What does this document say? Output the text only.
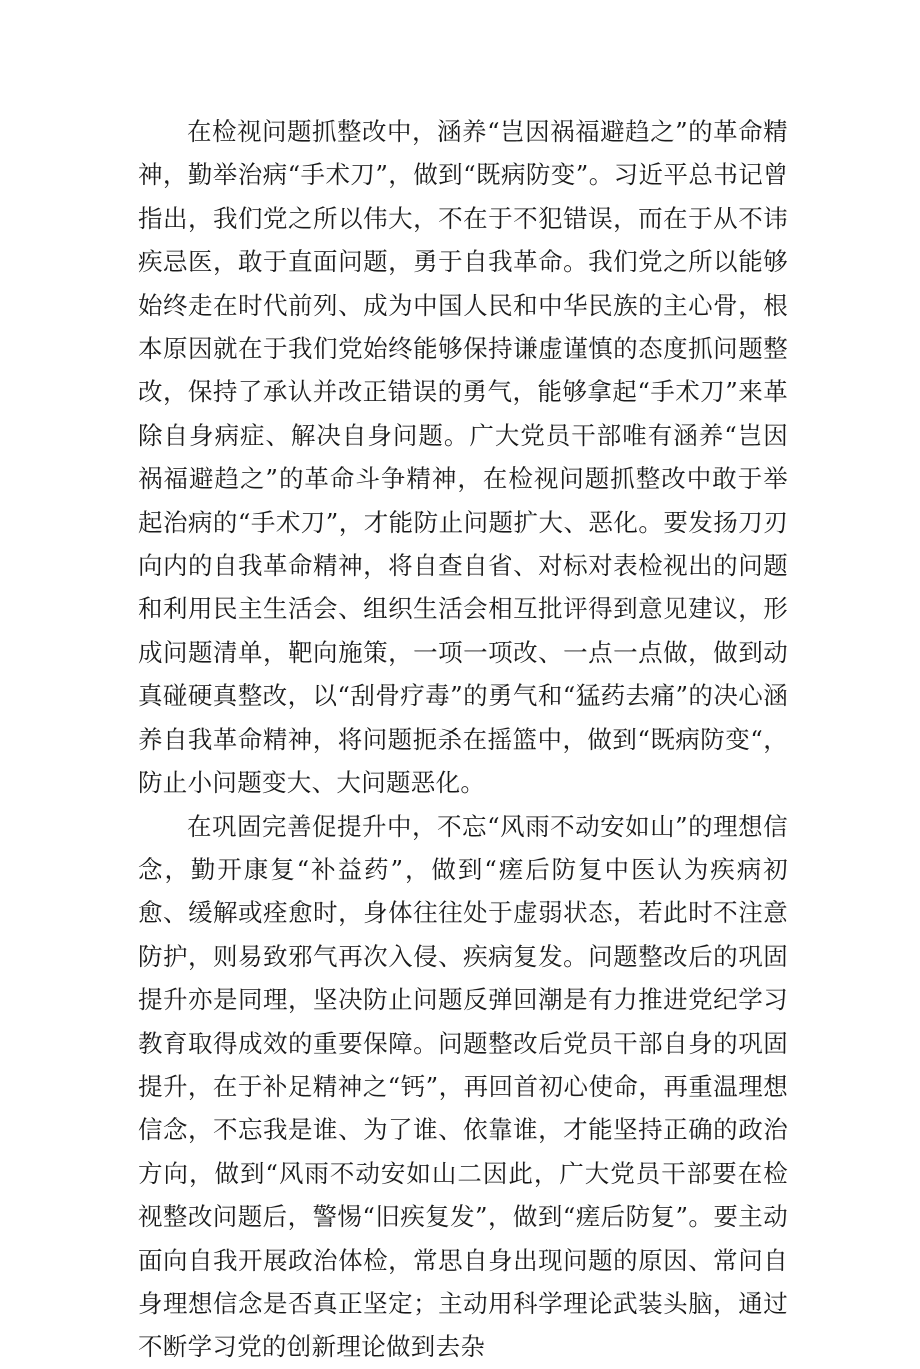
在检视问题抓整改中，涵养“岂因祸福避趋之”的革命精神，勤举治病“手术刀”，做到“既病防变”。习近平总书记曾指出，我们党之所以伟大，不在于不犯错误，而在于从不讳疾忌医，敢于直面问题，勇于自我革命。我们党之所以能够始终走在时代前列、成为中国人民和中华民族的主心骨，根本原因就在于我们党始终能够保持谦虚谨慎的态度抓问题整改，保持了承认并改正错误的勇气，能够拿起“手术刀”来革除自身病症、解决自身问题。广大党员干部唯有涵养“岂因祸福避趋之”的革命斗争精神，在检视问题抓整改中敢于举起治病的“手术刀”，才能防止问题扩大、恶化。要发扬刀刃向内的自我革命精神，将自查自省、对标对表检视出的问题和利用民主生活会、组织生活会相互批评得到意见建议，形成问题清单，靶向施策，一项一项改、一点一点做，做到动真碰硬真整改，以“刮骨疗毒”的勇气和“猛药去痛”的决心涵养自我革命精神，将问题扼杀在摇篮中，做到“既病防变“，防止小问题变大、大问题恶化。

在巩固完善促提升中，不忘“风雨不动安如山”的理想信念，勤开康复“补益药”，做到“瘥后防复中医认为疾病初愈、缓解或痊愈时，身体往往处于虚弱状态，若此时不注意防护，则易致邪气再次入侵、疾病复发。问题整改后的巩固提升亦是同理，坚决防止问题反弹回潮是有力推进党纪学习教育取得成效的重要保障。问题整改后党员干部自身的巩固提升，在于补足精神之“钙”，再回首初心使命，再重温理想信念，不忘我是谁、为了谁、依靠谁，才能坚持正确的政治方向，做到“风雨不动安如山二因此，广大党员干部要在检视整改问题后，警惕“旧疾复发”，做到“瘥后防复”。要主动面向自我开展政治体检，常思自身出现问题的原因、常问自身理想信念是否真正坚定；主动用科学理论武装头脑，通过不断学习党的创新理论做到去杂
